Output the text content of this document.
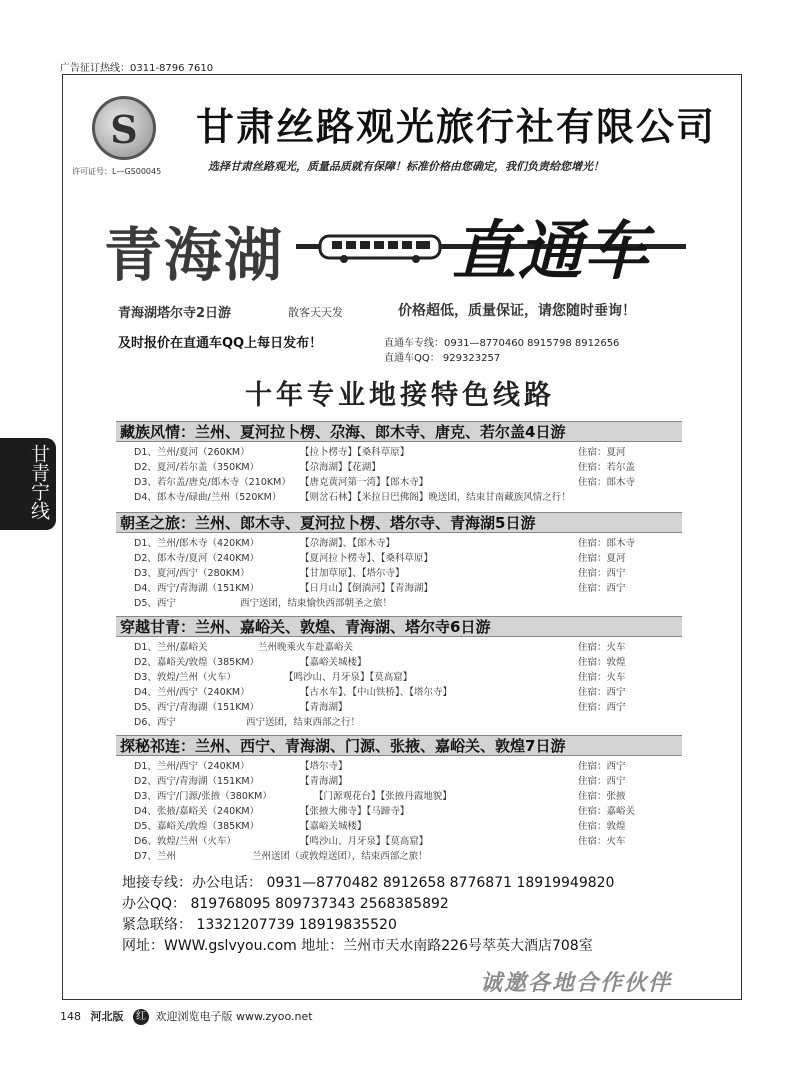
广告征订热线：0311-8796 7610
S
许可证号：L—GS00045
甘肃丝路观光旅行社有限公司
选择甘肃丝路观光，质量品质就有保障！标准价格由您确定，我们负责给您增光！
青海湖	直通车
青海湖塔尔寺2日游	散客天天发	价格超低，质量保证，请您随时垂询！
及时报价在直通车QQ上每日发布！	直通车专线：0931—8770460 8915798 8912656
直通车QQ： 929323257
十年专业地接特色线路
藏族风情：兰州、夏河拉卜楞、尕海、郎木寺、唐克、若尔盖4日游
D1、兰州/夏河（260KM）	【拉卜楞寺】【桑科草原】	住宿：夏河
D2、夏河/若尔盖（350KM）	【尕海湖】【花湖】	住宿：若尔盖
D3、若尔盖/唐克/郎木寺（210KM） 【唐克黄河第一湾】【郎木寺】	住宿：郎木寺
D4、郎木寺/碌曲/兰州（520KM） 【则岔石林】【米拉日巴佛阁】晚送团，结束甘南藏族风情之行！
朝圣之旅：兰州、郎木寺、夏河拉卜楞、塔尔寺、青海湖5日游
D1、兰州/郎木寺（420KM）	【尕海湖】、【郎木寺】	住宿：郎木寺
D2、郎木寺/夏河（240KM）	【夏河拉卜楞寺】、【桑科草原】	住宿：夏河
D3、夏河/西宁（280KM）	【甘加草原】、【塔尔寺】	住宿：西宁
D4、西宁/青海湖（151KM）	【日月山】【倒淌河】【青海湖】	住宿：西宁
D5、西宁	西宁送团，结束愉快西部朝圣之旅！
穿越甘青：兰州、嘉峪关、敦煌、青海湖、塔尔寺6日游
D1、兰州/嘉峪关	兰州晚乘火车赴嘉峪关	住宿：火车
D2、嘉峪关/敦煌（385KM）	【嘉峪关城楼】	住宿：敦煌
D3、敦煌/兰州（火车）	【鸣沙山、月牙泉】【莫高窟】	住宿：火车
D4、兰州/西宁（240KM）	【古水车】、【中山铁桥】、【塔尔寺】	住宿：西宁
D5、西宁/青海湖（151KM）	【青海湖】	住宿：西宁
D6、西宁	西宁送团，结束西部之行！
探秘祁连：兰州、西宁、青海湖、门源、张掖、嘉峪关、敦煌7日游
D1、兰州/西宁（240KM）	【塔尔寺】	住宿：西宁
D2、西宁/青海湖（151KM）	【青海湖】	住宿：西宁
D3、西宁/门源/张掖（380KM）	【门源观花台】【张掖丹霞地貌】	住宿：张掖
D4、张掖/嘉峪关（240KM）	【张掖大佛寺】【马蹄寺】	住宿：嘉峪关
D5、嘉峪关/敦煌（385KM）	【嘉峪关城楼】	住宿：敦煌
D6、敦煌/兰州（火车）	【鸣沙山、月牙泉】【莫高窟】	住宿：火车
D7、兰州	兰州送团（或敦煌送团），结束西部之旅！
地接专线：办公电话： 0931—8770482 8912658 8776871 18919949820
办公QQ： 819768095 809737343 2568385892
紧急联络： 13321207739 18919835520
网址：WWW.gslvyou.com 地址：兰州市天水南路226号萃英大酒店708室
诚邀各地合作伙伴
甘青宁线
148 河北版 红 欢迎浏览电子版 www.zyoo.net
